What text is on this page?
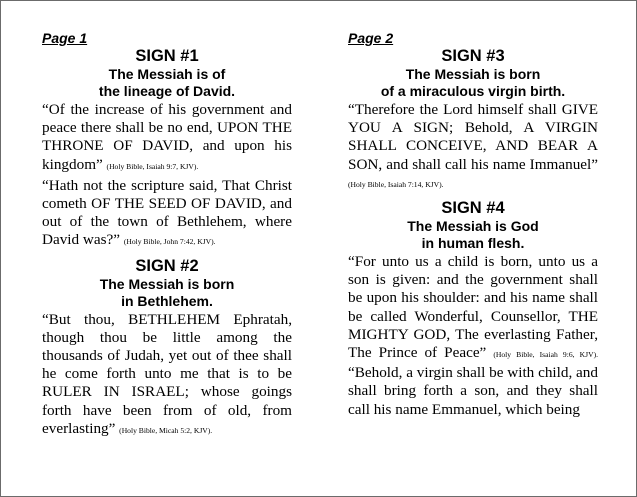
Page 1
SIGN #1
The Messiah is of
the lineage of David.
“Of the increase of his government and peace there shall be no end, UPON THE THRONE OF DAVID, and upon his kingdom” (Holy Bible, Isaiah 9:7, KJV).
“Hath not the scripture said, That Christ cometh OF THE SEED OF DAVID, and out of the town of Bethlehem, where David was?” (Holy Bible, John 7:42, KJV).
SIGN #2
The Messiah is born
in Bethlehem.
“But thou, BETHLEHEM Ephratah, though thou be little among the thousands of Judah, yet out of thee shall he come forth unto me that is to be RULER IN ISRAEL; whose goings forth have been from of old, from everlasting” (Holy Bible, Micah 5:2, KJV).
Page 2
SIGN #3
The Messiah is born
of a miraculous virgin birth.
“Therefore the Lord himself shall GIVE YOU A SIGN; Behold, A VIRGIN SHALL CONCEIVE, AND BEAR A SON, and shall call his name Immanuel” (Holy Bible, Isaiah 7:14, KJV).
SIGN #4
The Messiah is God
in human flesh.
“For unto us a child is born, unto us a son is given: and the government shall be upon his shoulder: and his name shall be called Wonderful, Counsellor, THE MIGHTY GOD, The everlasting Father, The Prince of Peace” (Holy Bible, Isaiah 9:6, KJV). “Behold, a virgin shall be with child, and shall bring forth a son, and they shall call his name Emmanuel, which being
